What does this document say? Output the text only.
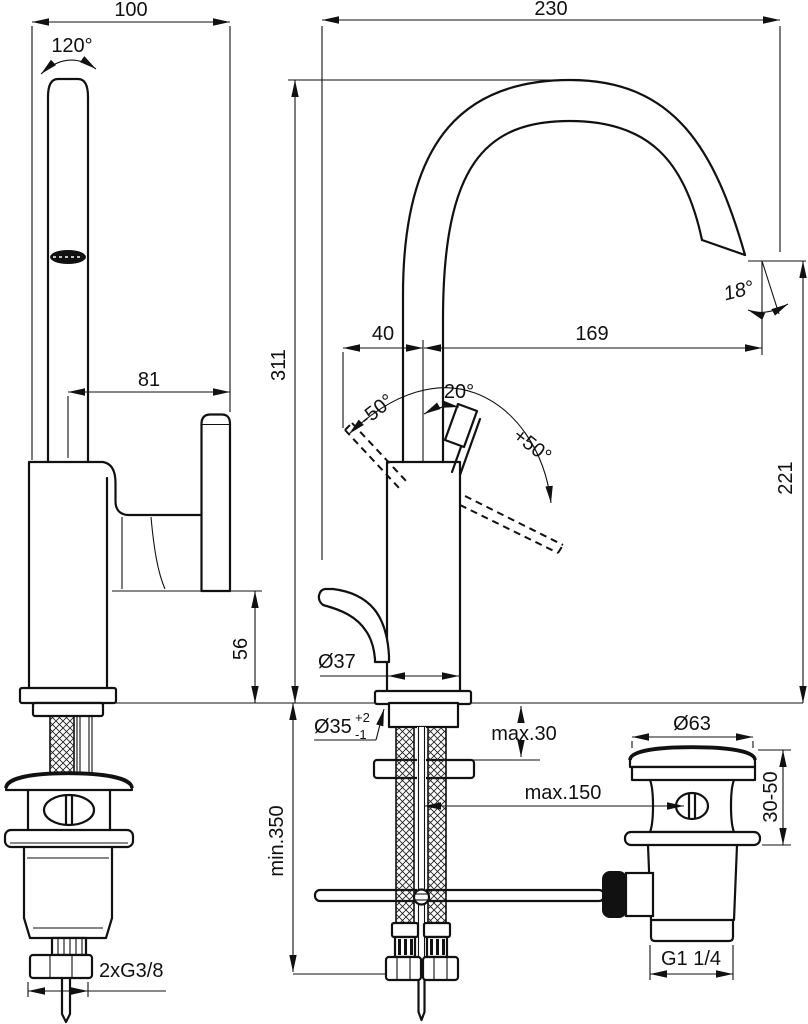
100
120°
81
56
2xG3/8
230
311
18°
221
40	169
20°
-50°
+50°
Ø37
Ø35 +2
-1	max.30
min.350
Ø63
30-50
max.150
G1 1/4
